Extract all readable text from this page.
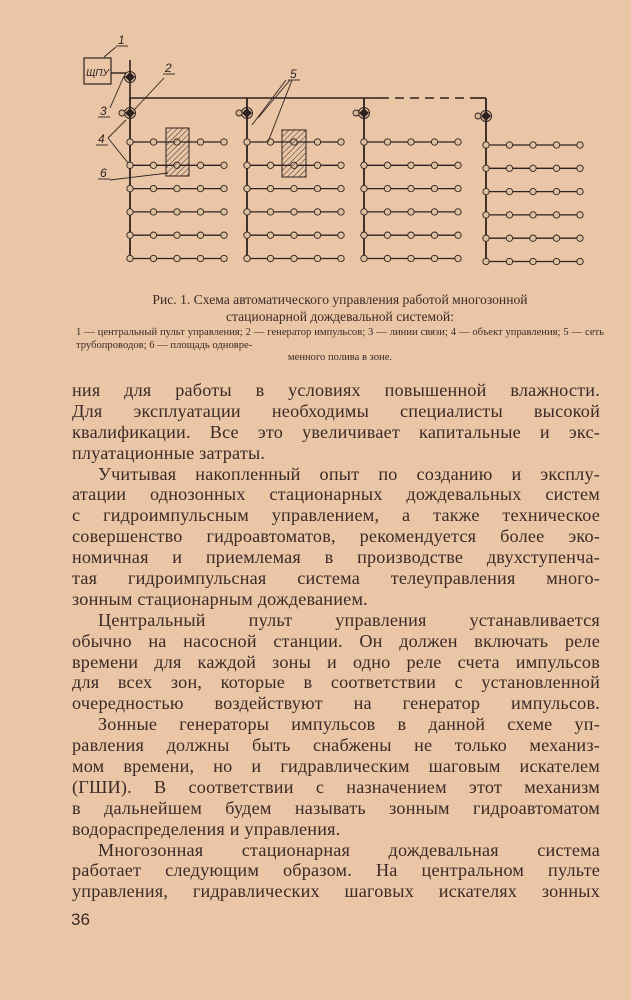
ЩПУ
1
2
3
4
5
6
Рис. 1. Схема автоматического управления работой многозонной
стационарной дождевальной системой:
1 — центральный пульт управления; 2 — генератор импульсов; 3 — линии связи; 4 — объект управления; 5 — сеть трубопроводов; 6 — площадь одновре-
менного полива в зоне.
ния для работы в условиях повышенной влажности.
Для эксплуатации необходимы специалисты высокой
квалификации. Все это увеличивает капитальные и экс-
плуатационные затраты.
Учитывая накопленный опыт по созданию и эксплу-
атации однозонных стационарных дождевальных систем
с гидроимпульсным управлением, а также техническое
совершенство гидроавтоматов, рекомендуется более эко-
номичная и приемлемая в производстве двухступенча-
тая гидроимпульсная система телеуправления много-
зонным стационарным дождеванием.
Центральный пульт управления устанавливается
обычно на насосной станции. Он должен включать реле
времени для каждой зоны и одно реле счета импульсов
для всех зон, которые в соответствии с установленной
очередностью воздействуют на генератор импульсов.
Зонные генераторы импульсов в данной схеме уп-
равления должны быть снабжены не только механиз-
мом времени, но и гидравлическим шаговым искателем
(ГШИ). В соответствии с назначением этот механизм
в дальнейшем будем называть зонным гидроавтоматом
водораспределения и управления.
Многозонная стационарная дождевальная система
работает следующим образом. На центральном пульте
управления, гидравлических шаговых искателях зонных
36
